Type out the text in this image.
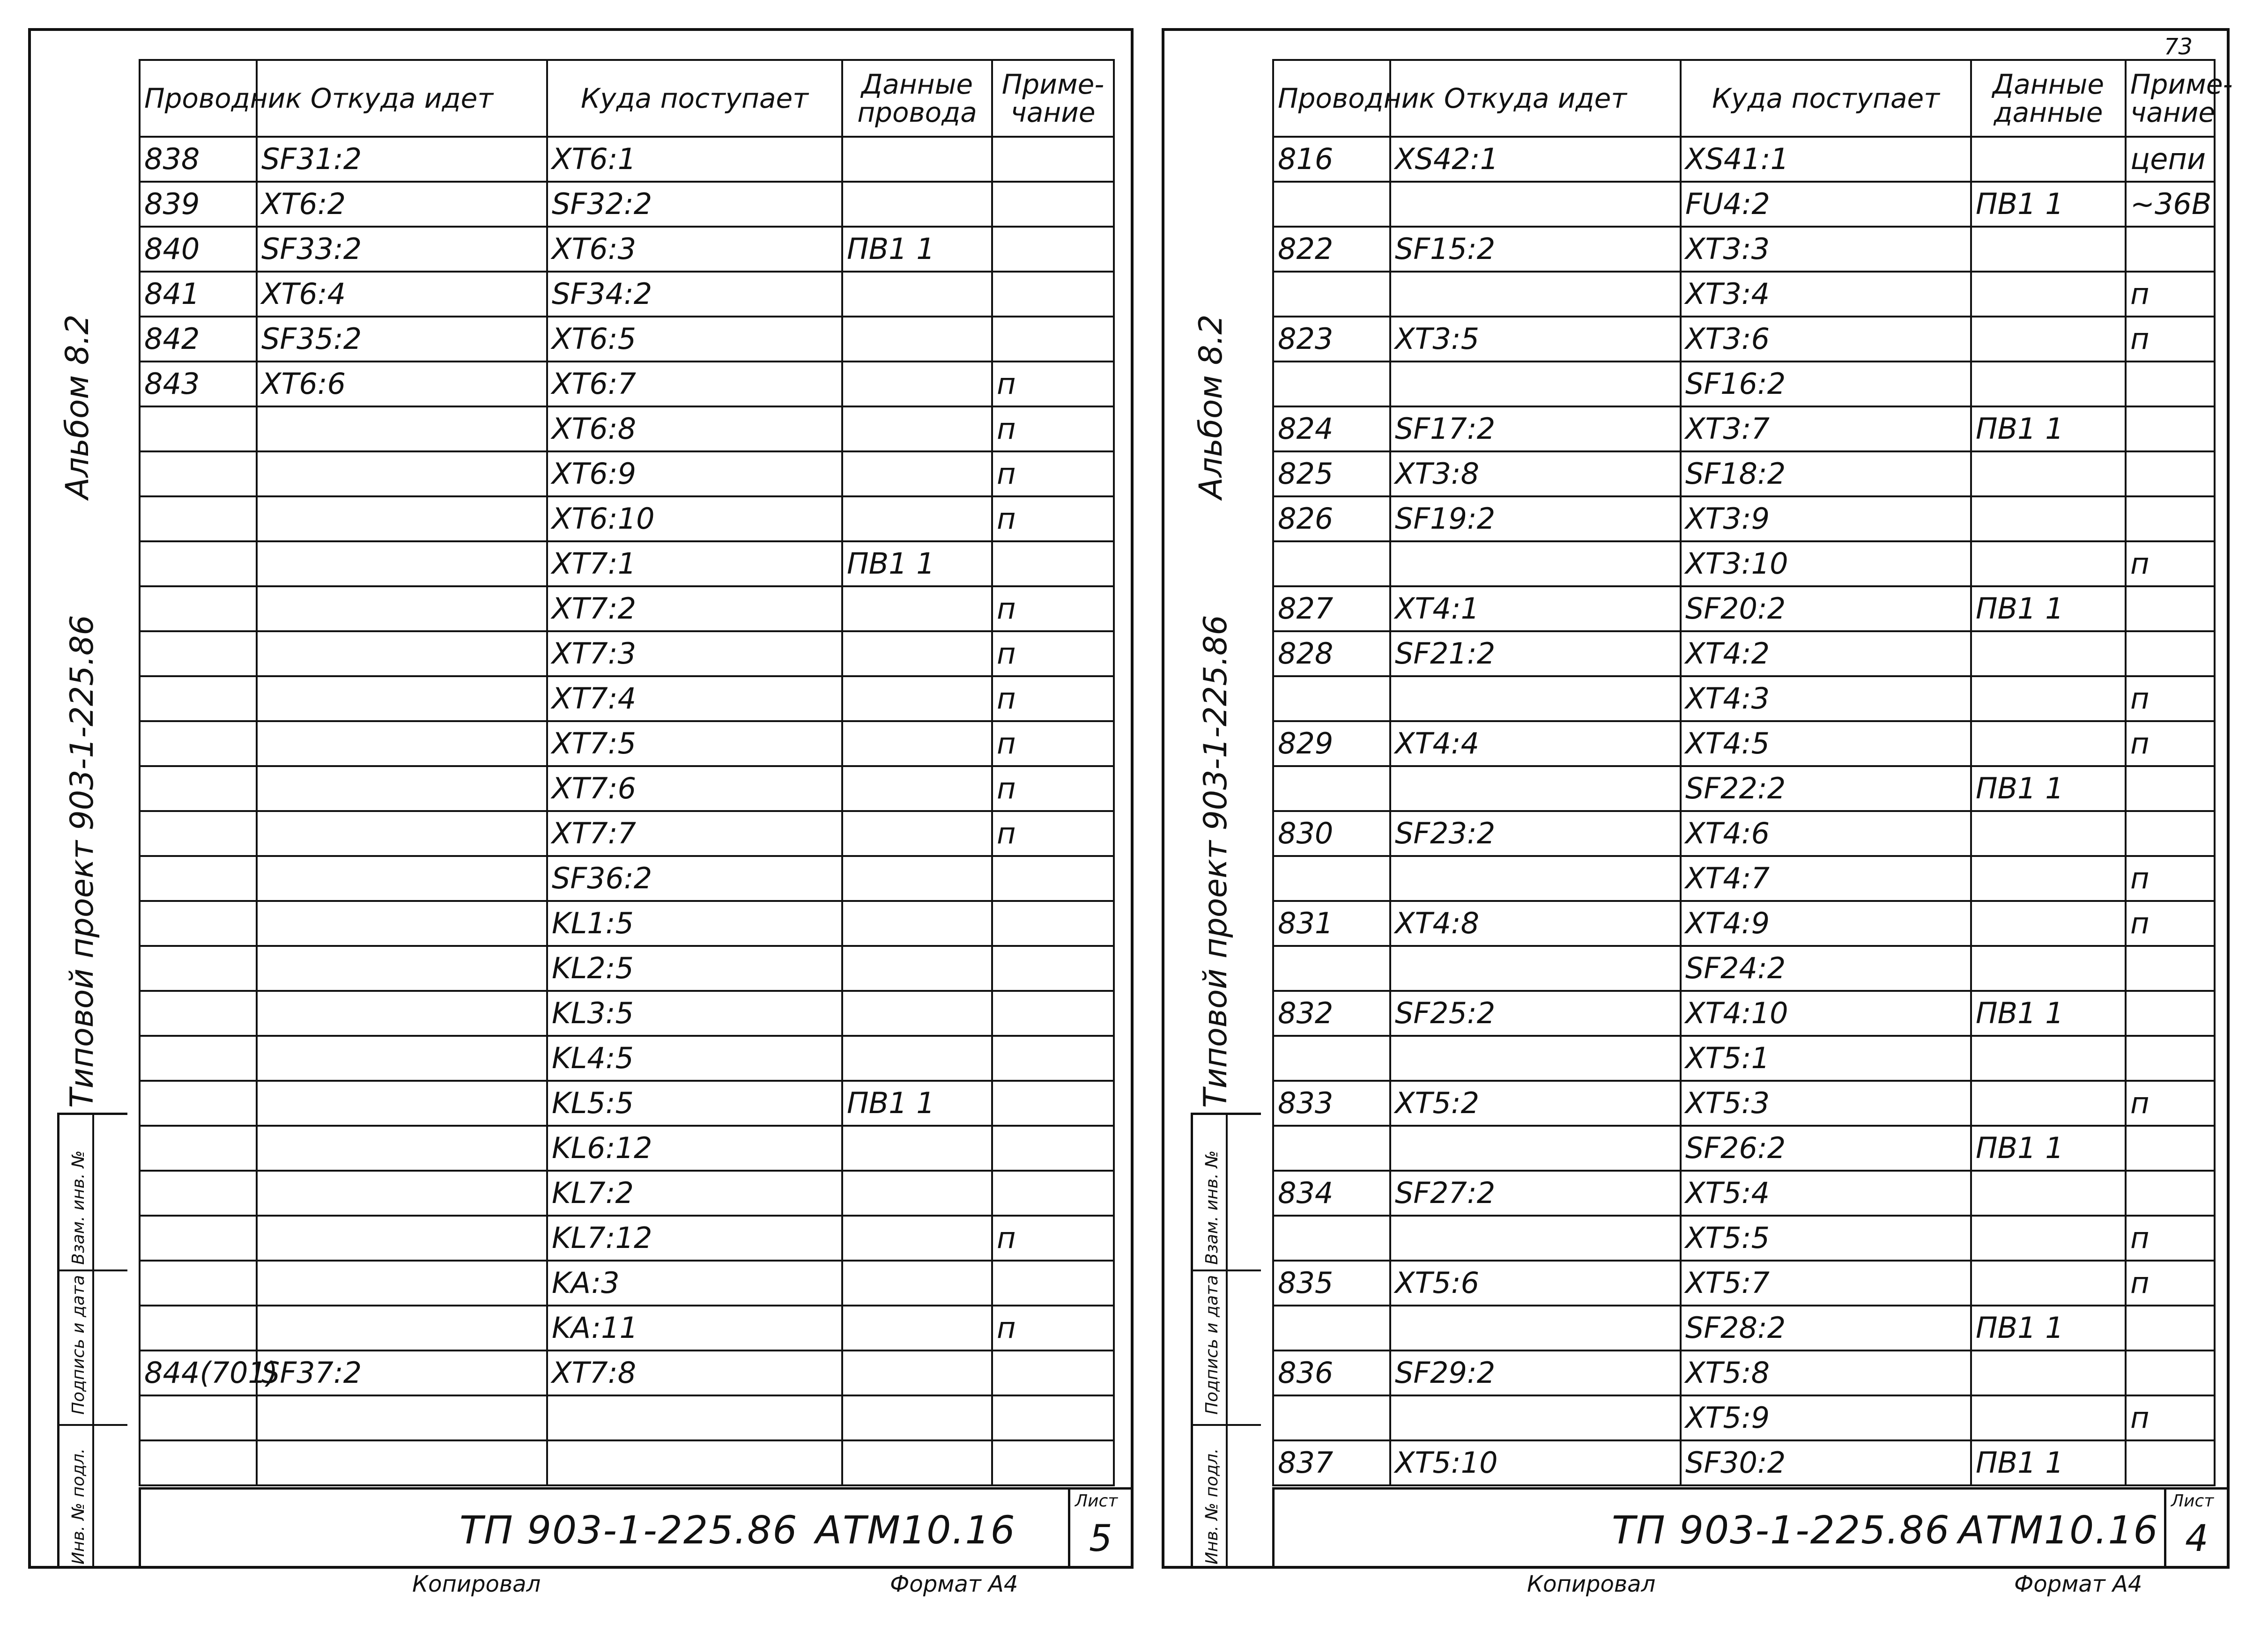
Альбом 8.2
Типовой проект 903-1-225.86
Инв. № подл.
Подпись и дата
Взам. инв. №
Проводник	Откуда идет	Куда поступает	Данные провода	Приме-чание
838	SF31:2	XT6:1		
839	XT6:2	SF32:2		
840	SF33:2	XT6:3	ПВ1 1	
841	XT6:4	SF34:2		
842	SF35:2	XT6:5		
843	XT6:6	XT6:7		п
		XT6:8		п
		XT6:9		п
		XT6:10		п
		XT7:1	ПВ1 1	
		XT7:2		п
		XT7:3		п
		XT7:4		п
		XT7:5		п
		XT7:6		п
		XT7:7		п
		SF36:2		
		KL1:5		
		KL2:5		
		KL3:5		
		KL4:5		
		KL5:5	ПВ1 1	
		KL6:12		
		KL7:2		
		KL7:12		п
		KA:3		
		KA:11		п
844(701)	SF37:2	XT7:8		

ТП 903-1-225.86 АТМ10.16
Лист
5
Копировал	Формат А4
Альбом 8.2
Типовой проект 903-1-225.86
Инв. № подл.
Подпись и дата
Взам. инв. №
Проводник	Откуда идет	Куда поступает	Данные данные	Приме-чание
816	XS42:1	XS41:1		цепи
		FU4:2	ПВ1 1	~36В
822	SF15:2	XT3:3		
		XT3:4		п
823	XT3:5	XT3:6		п
		SF16:2		
824	SF17:2	XT3:7	ПВ1 1	
825	XT3:8	SF18:2		
826	SF19:2	XT3:9		
		XT3:10		п
827	XT4:1	SF20:2	ПВ1 1	
828	SF21:2	XT4:2		
		XT4:3		п
829	XT4:4	XT4:5		п
		SF22:2	ПВ1 1	
830	SF23:2	XT4:6		
		XT4:7		п
831	XT4:8	XT4:9		п
		SF24:2		
832	SF25:2	XT4:10	ПВ1 1	
		XT5:1		
833	XT5:2	XT5:3		п
		SF26:2	ПВ1 1	
834	SF27:2	XT5:4		
		XT5:5		п
835	XT5:6	XT5:7		п
		SF28:2	ПВ1 1	
836	SF29:2	XT5:8		
		XT5:9		п
837	XT5:10	SF30:2	ПВ1 1	
ТП 903-1-225.86 АТМ10.16
Лист
4
Копировал	Формат А4
73
